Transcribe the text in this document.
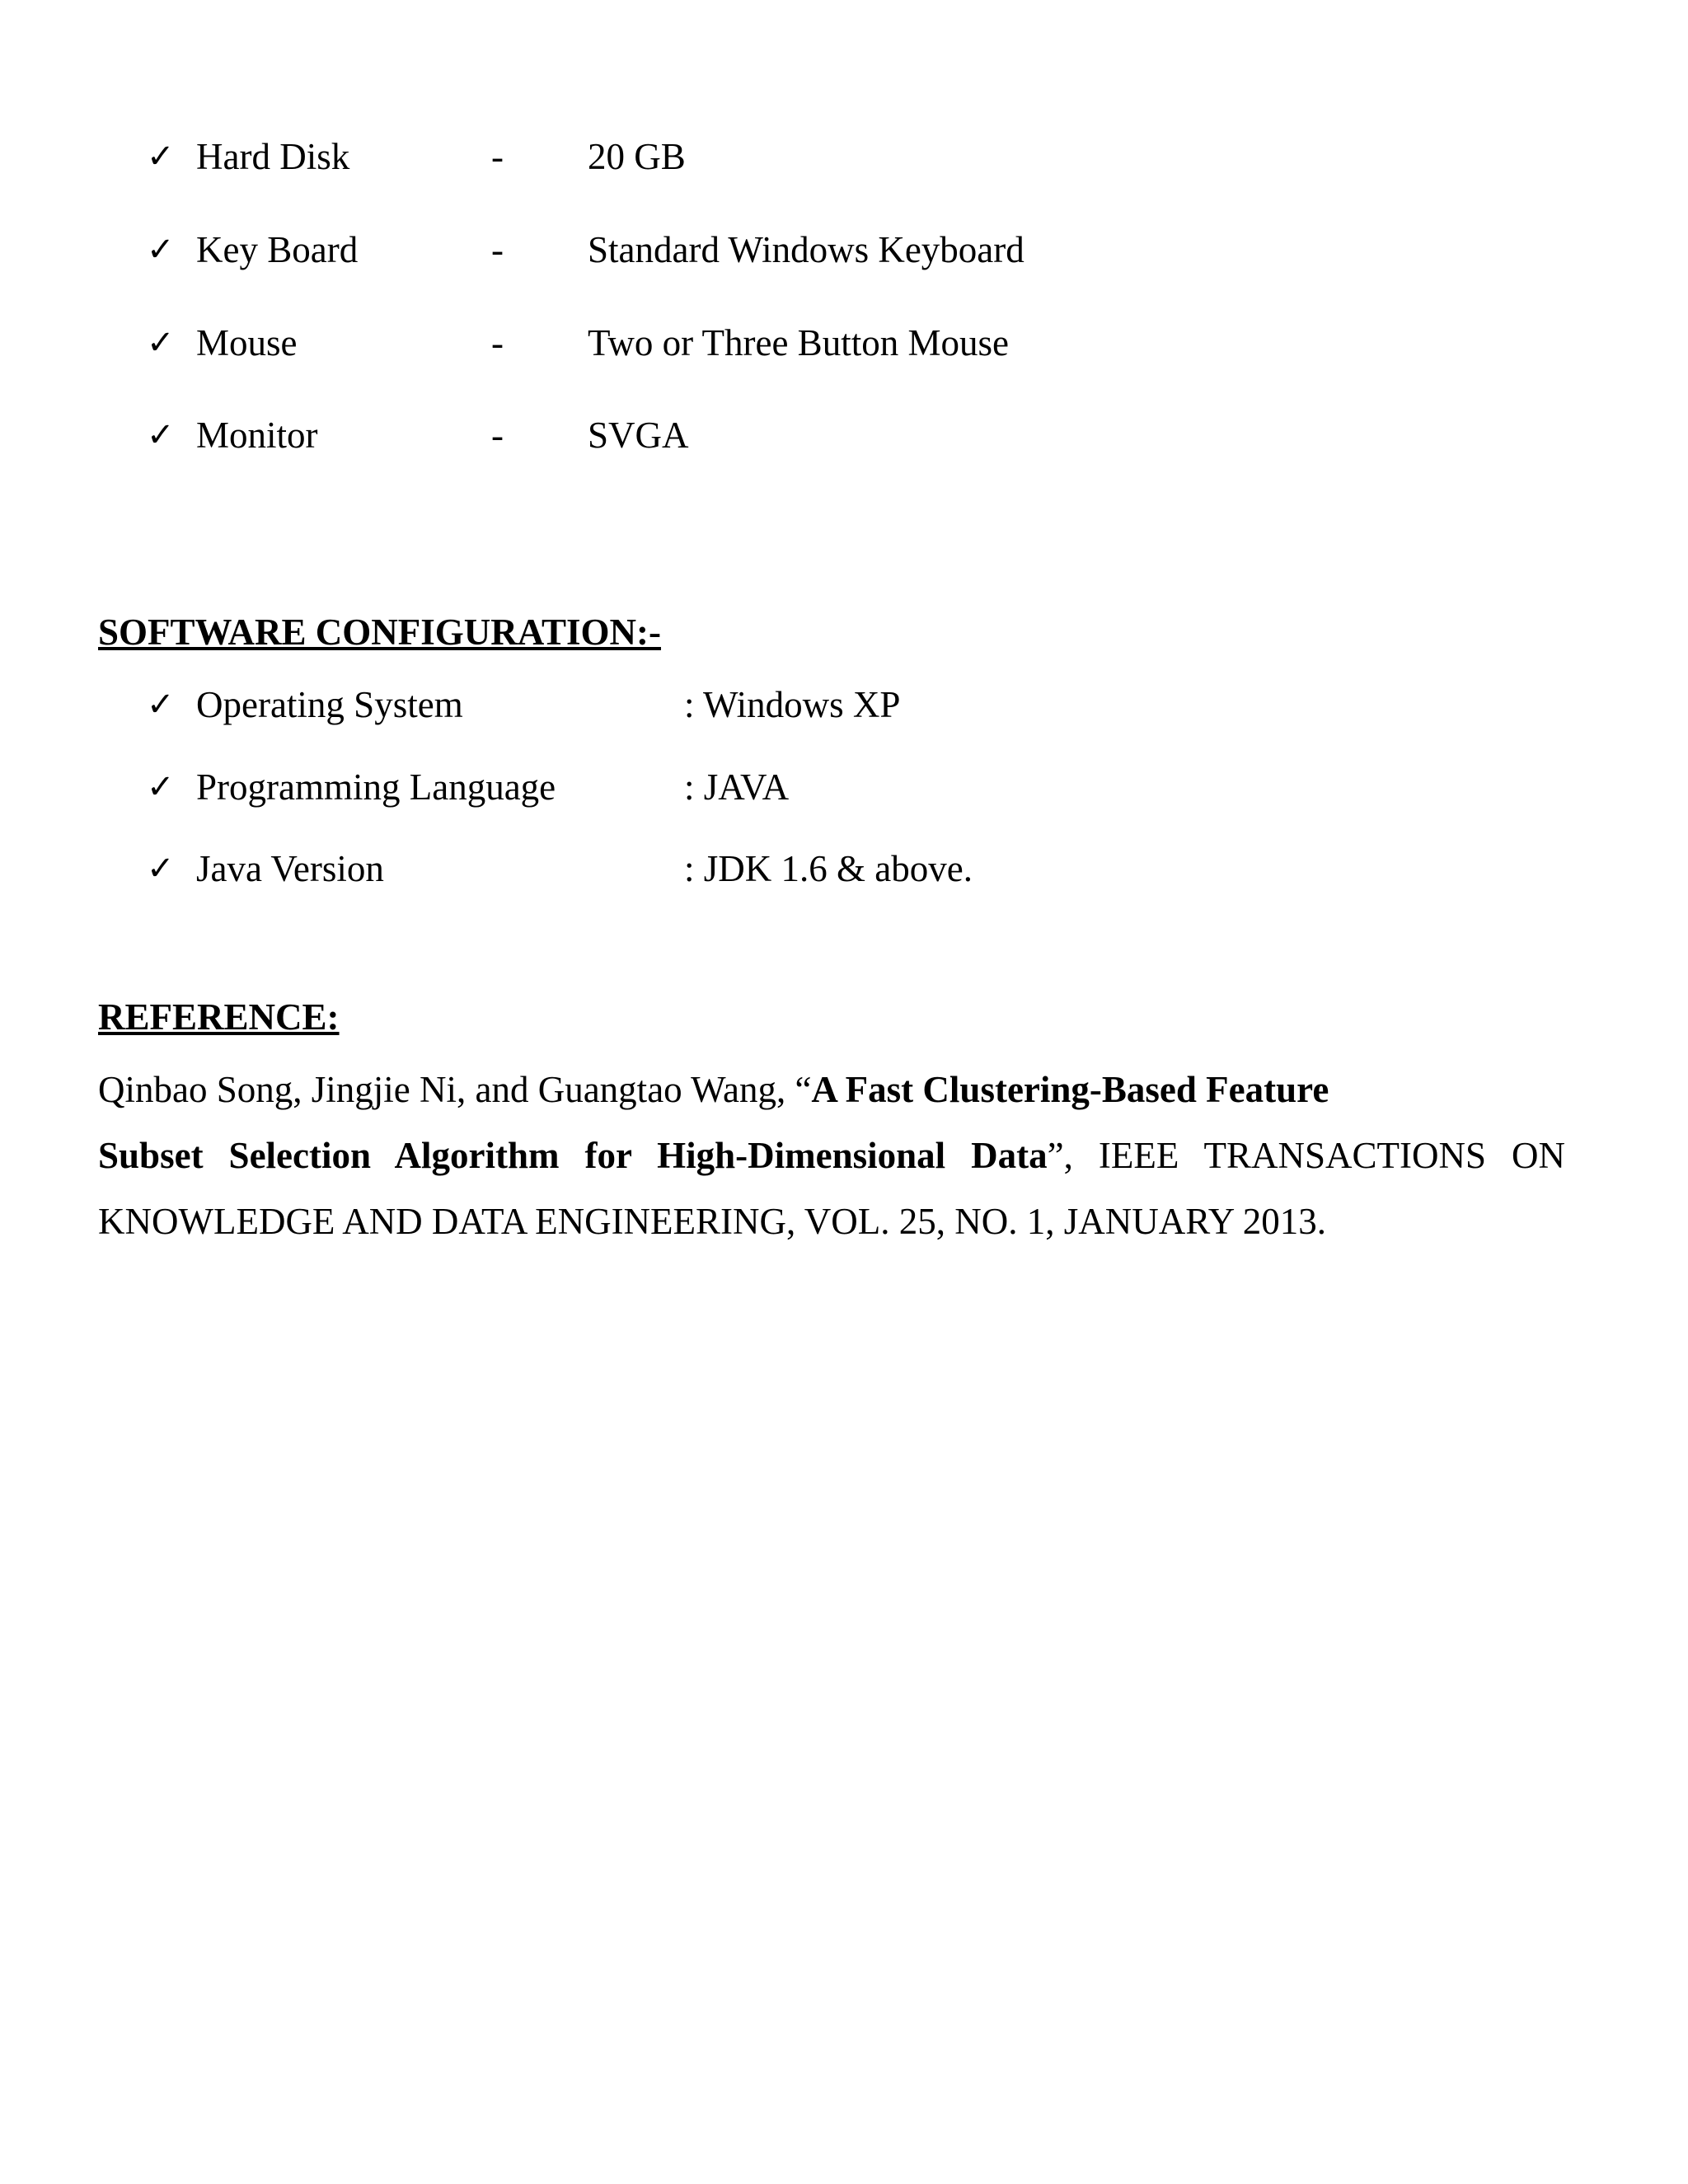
✓ Hard Disk	- 20 GB
✓ Key Board	- Standard Windows Keyboard
✓ Mouse	- Two or Three Button Mouse
✓ Monitor	- SVGA
SOFTWARE CONFIGURATION:-
✓ Operating System	: Windows XP
✓ Programming Language	: JAVA
✓ Java Version	: JDK 1.6 & above.
REFERENCE:
Qinbao Song, Jingjie Ni, and Guangtao Wang, “A Fast Clustering-Based Feature
Subset Selection Algorithm for High-Dimensional Data”, IEEE TRANSACTIONS ON
KNOWLEDGE AND DATA ENGINEERING, VOL. 25, NO. 1, JANUARY 2013.
